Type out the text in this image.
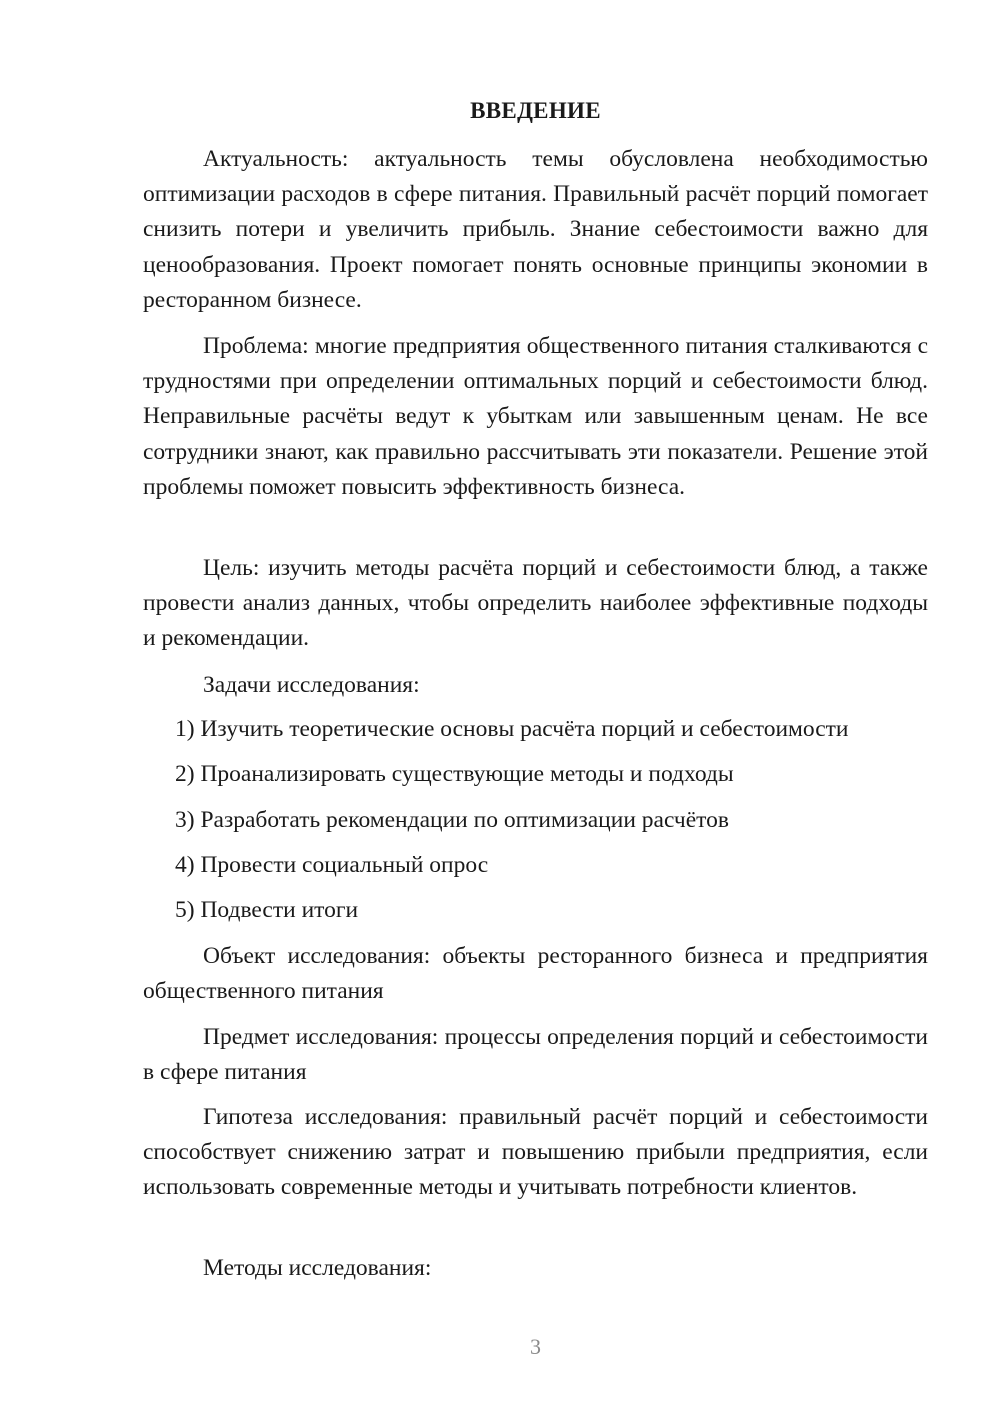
ВВЕДЕНИЕ

Актуальность: актуальность темы обусловлена необходимостью оптимизации расходов в сфере питания. Правильный расчёт порций помогает снизить потери и увеличить прибыль. Знание себестоимости важно для ценообразования. Проект помогает понять основные принципы экономии в ресторанном бизнесе.

Проблема: многие предприятия общественного питания сталкиваются с трудностями при определении оптимальных порций и себестоимости блюд. Неправильные расчёты ведут к убыткам или завышенным ценам. Не все сотрудники знают, как правильно рассчитывать эти показатели. Решение этой проблемы поможет повысить эффективность бизнеса.

Цель: изучить методы расчёта порций и себестоимости блюд, а также провести анализ данных, чтобы определить наиболее эффективные подходы и рекомендации.

Задачи исследования:

1) Изучить теоретические основы расчёта порций и себестоимости

2) Проанализировать существующие методы и подходы

3) Разработать рекомендации по оптимизации расчётов

4) Провести социальный опрос

5) Подвести итоги

Объект исследования: объекты ресторанного бизнеса и предприятия общественного питания

Предмет исследования: процессы определения порций и себестоимости в сфере питания

Гипотеза исследования: правильный расчёт порций и себестоимости способствует снижению затрат и повышению прибыли предприятия, если использовать современные методы и учитывать потребности клиентов.

Методы исследования:

3
